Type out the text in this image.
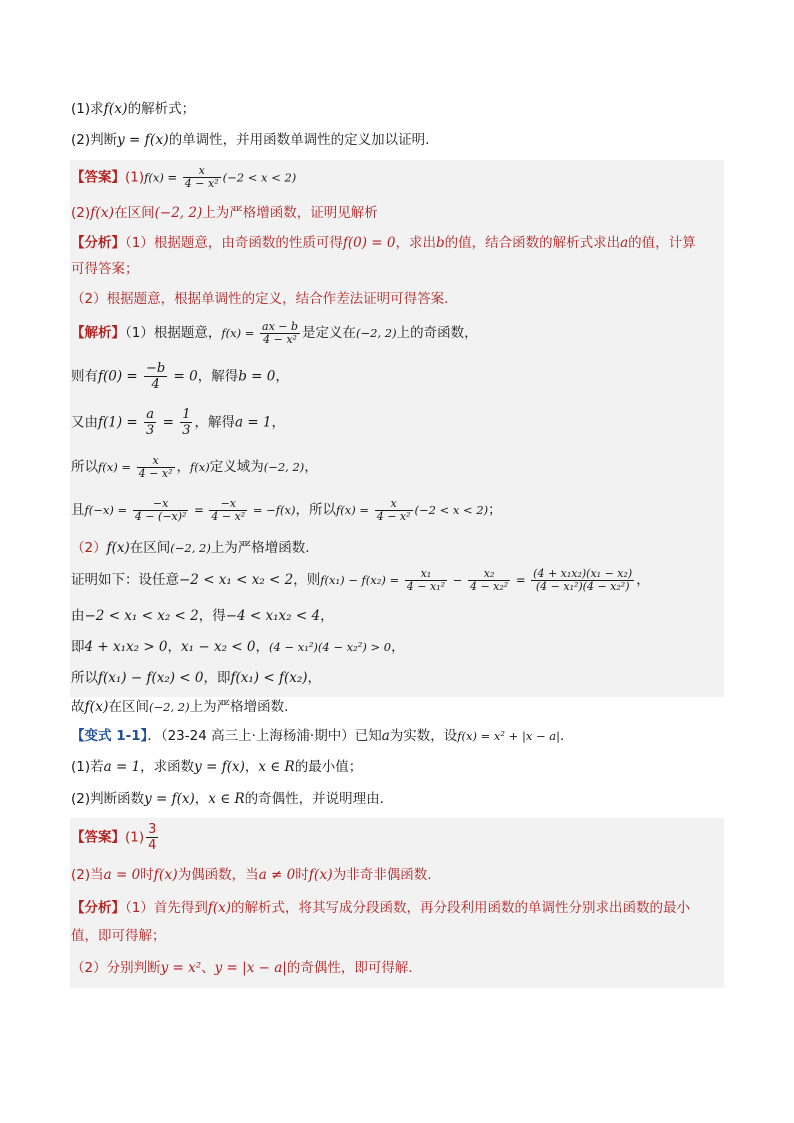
(1)求f(x)的解析式；
(2)判断y = f(x)的单调性，并用函数单调性的定义加以证明.
【答案】$(1)f(x) = \frac{x}{\text{4 − x²}} (-2 < x < 2)$
(2)f(x)在区间(−2, 2)上为严格增函数，证明见解析
【分析】（1）根据题意，由奇函数的性质可得f(0) = 0，求出b的值，结合函数的解析式求出a的值，计算
可得答案；
（2）根据题意，根据单调性的定义，结合作差法证明可得答案．
【解析】（1）根据题意，$f(x) = \frac{ax - b}{\text{4 − x²}}$ 是定义在(−2, 2)上的奇函数，
则有$f(0) = \frac{-b}{4} = 0$，解得b = 0，
又由$f(1) = \frac{a}{3} = \frac{1}{3}$ ，解得a = 1，
所以$f(x) = \frac{x}{\text{4 − x²}}$ ，f(x)定义域为(−2, 2)，
且$f(-x) = \frac{-x}{\text{4 − (−x)²}} = \frac{-x}{\text{4 − x²}} = -f(x)$，所以$f(x) = \frac{x}{\text{4 − x²}} (-2 < x < 2)$；
（2）f(x)在区间(−2, 2)上为严格增函数.
证明如下：设任意−2 < x₁ < x₂ < 2，则$f(x_1) - f(x_2) = \frac{\text{x₁}}{\text{4 − x₁²}} - \frac{\text{x₂}}{\text{4 − x₂²}} = \frac{\text{(4 + x₁x₂)(x₁ − x₂)}}{\text{(4 − x₁²)(4 − x₂²)}}$ ，
由−2 < x₁ < x₂ < 2，得−4 < x₁x₂ < 4，
即4 + x₁x₂ > 0，x₁ − x₂ < 0，(4 − x₁²)(4 − x₂²) > 0，
所以f(x₁) − f(x₂) < 0，即f(x₁) < f(x₂)，
故f(x)在区间(−2, 2)上为严格增函数.
【变式 1-1】．（23-24 高三上·上海杨浦·期中）已知a为实数，设f(x) = x² + |x − a|.
(1)若a = 1，求函数y = f(x)，x ∈ R的最小值；
(2)判断函数y = f(x)，x ∈ R的奇偶性，并说明理由.
【答案】$(1) \frac{3}{4}$
(2)当a = 0时f(x)为偶函数，当a ≠ 0时f(x)为非奇非偶函数.
【分析】（1）首先得到f(x)的解析式，将其写成分段函数，再分段利用函数的单调性分别求出函数的最小
值，即可得解；
（2）分别判断y = x²、y = |x − a|的奇偶性，即可得解.
